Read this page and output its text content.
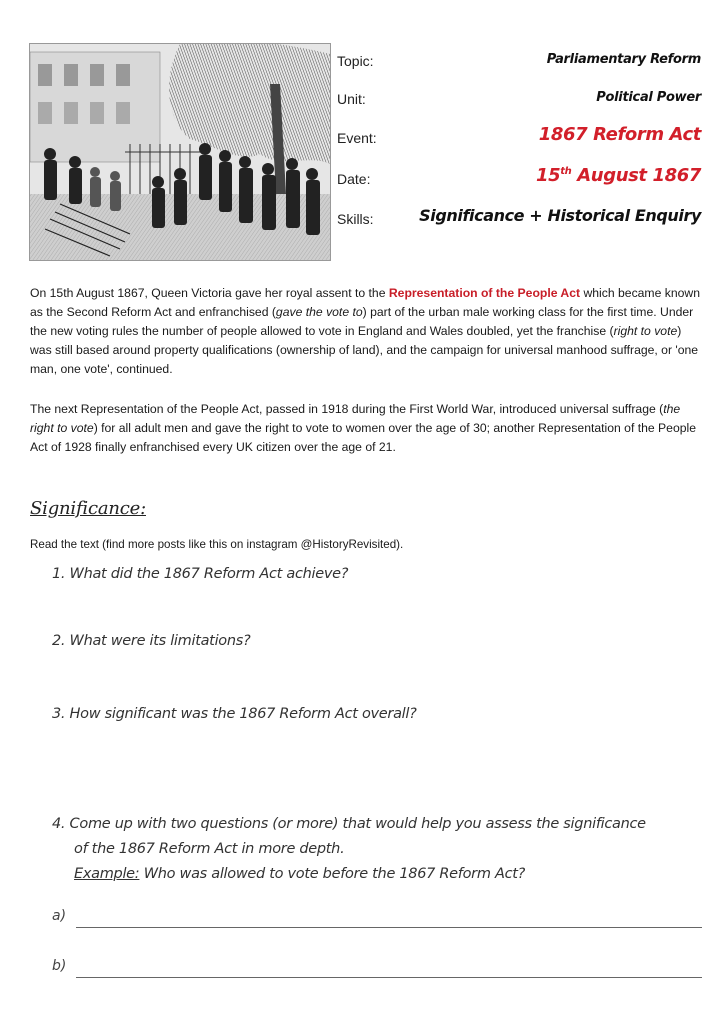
Topic:	Parliamentary Reform
Unit:	Political Power
Event:	1867 Reform Act
Date:	15th August 1867
Skills:	Significance + Historical Enquiry
On 15th August 1867, Queen Victoria gave her royal assent to the Representation of the People Act which became known as the Second Reform Act and enfranchised (gave the vote to) part of the urban male working class for the first time. Under the new voting rules the number of people allowed to vote in England and Wales doubled, yet the franchise (right to vote) was still based around property qualifications (ownership of land), and the campaign for universal manhood suffrage, or 'one man, one vote', continued.
The next Representation of the People Act, passed in 1918 during the First World War, introduced universal suffrage (the right to vote) for all adult men and gave the right to vote to women over the age of 30; another Representation of the People Act of 1928 finally enfranchised every UK citizen over the age of 21.
Significance:
Read the text (find more posts like this on instagram @HistoryRevisited).
1. What did the 1867 Reform Act achieve?
2. What were its limitations?
3. How significant was the 1867 Reform Act overall?
4. Come up with two questions (or more) that would help you assess the significance
of the 1867 Reform Act in more depth.
Example: Who was allowed to vote before the 1867 Reform Act?
a)
b)
